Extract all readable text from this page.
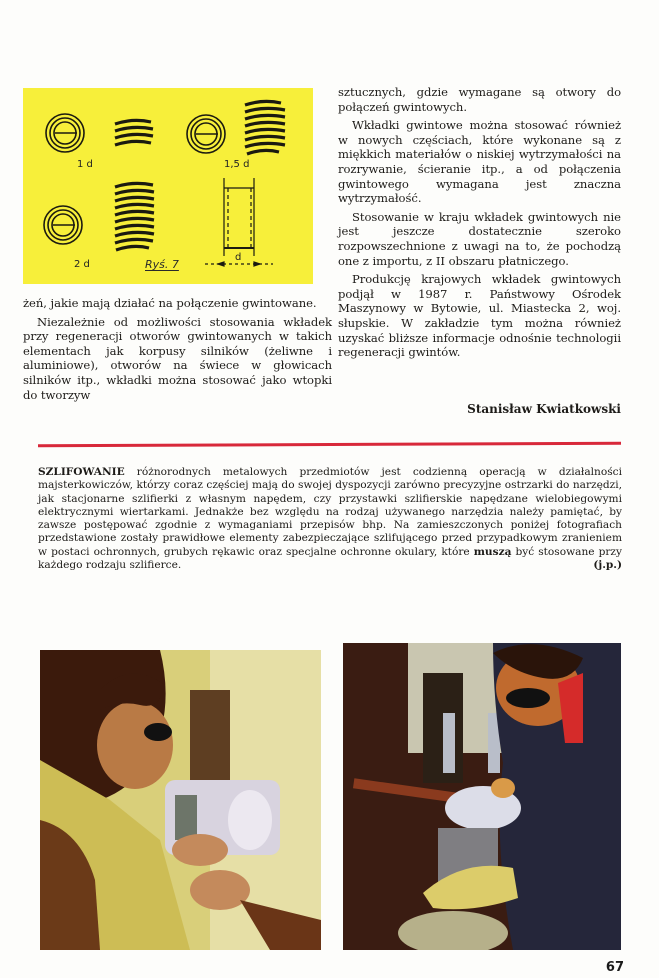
1 d	1,5 d
2 d
d
Ryś. 7

żeń, jakie mają działać na połączenie gwintowane.

Niezależnie od możliwości stosowania wkładek przy regeneracji otworów gwintowanych w takich elementach jak korpusy silników (żeliwne i aluminiowe), otworów na świece w głowicach silników itp., wkładki można stosować jako wtopki do tworzyw

sztucznych, gdzie wymagane są otwory do połączeń gwintowych.

Wkładki gwintowe można stosować również w nowych częściach, które wykonane są z miękkich materiałów o niskiej wytrzymałości na rozrywanie, ścieranie itp., a od połączenia gwintowego wymagana jest znaczna wytrzymałość.

Stosowanie w kraju wkładek gwintowych nie jest jeszcze dostatecznie szeroko rozpowszechnione z uwagi na to, że pochodzą one z importu, z II obszaru płatniczego.

Produkcję krajowych wkładek gwintowych podjął w 1987 r. Państwowy Ośrodek Maszynowy w Bytowie, ul. Miastecka 2, woj. słupskie. W zakładzie tym można również uzyskać bliższe informacje odnośnie technologii regeneracji gwintów.

Stanisław Kwiatkowski
SZLIFOWANIE różnorodnych metalowych przedmiotów jest codzienną operacją w działalności majsterkowiczów, którzy coraz częściej mają do swojej dyspozycji zarówno precyzyjne ostrzarki do narzędzi, jak stacjonarne szlifierki z własnym napędem, czy przystawki szlifierskie napędzane wielobiegowymi elektrycznymi wiertarkami. Jednakże bez względu na rodzaj używanego narzędzia należy pamiętać, by zawsze postępować zgodnie z wymaganiami przepisów bhp. Na zamieszczonych poniżej fotografiach przedstawione zostały prawidłowe elementy zabezpieczające szlifującego przed przypadkowym zranieniem w postaci ochronnych, grubych rękawic oraz specjalne ochronne okulary, które muszą być stosowane przy każdego rodzaju szlifierce.	(j.p.)
67
